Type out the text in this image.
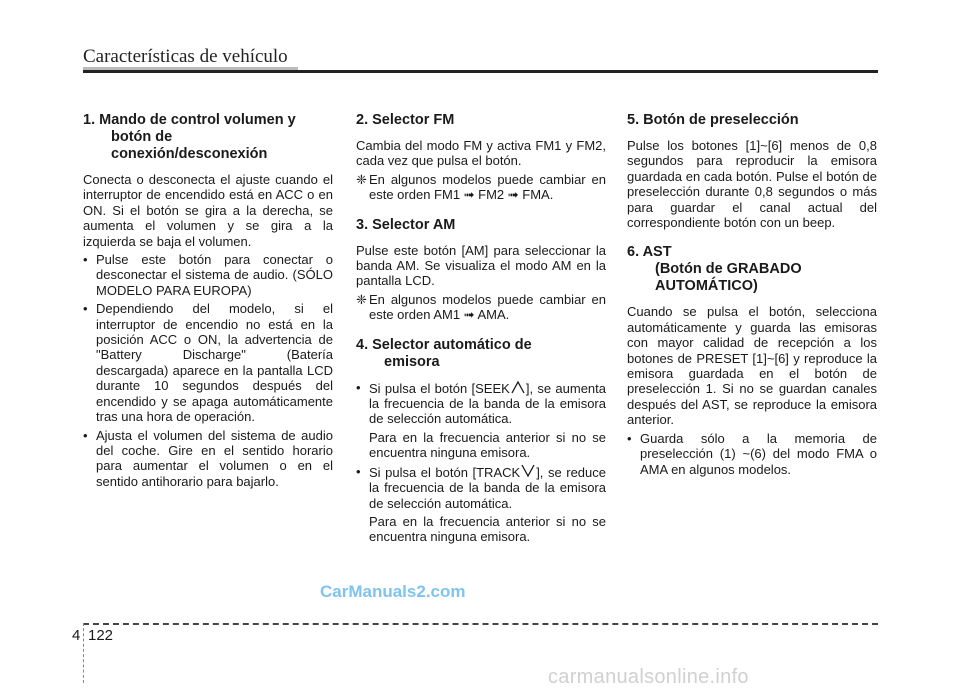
Características de vehículo
1. Mando de control volumen y
botón de
conexión/desconexión

Conecta o desconecta el ajuste cuando el interruptor de encendido está en ACC o en ON. Si el botón se gira a la derecha, se aumenta el volumen y se gira a la izquierda se baja el volumen.

• Pulse este botón para conectar o desconectar el sistema de audio. (SÓLO MODELO PARA EUROPA)
• Dependiendo del modelo, si el interruptor de encendio no está en la posición ACC o ON, la advertencia de "Battery Discharge" (Batería descargada) aparece en la pantalla LCD durante 10 segundos después del encendido y se apaga automáticamente tras una hora de operación.
• Ajusta el volumen del sistema de audio del coche. Gire en el sentido horario para aumentar el volumen o en el sentido antihorario para bajarlo.
2. Selector FM

Cambia del modo FM y activa FM1 y FM2, cada vez que pulsa el botón.

❈ En algunos modelos puede cambiar en este orden FM1 ➟ FM2 ➟ FMA.
3. Selector AM

Pulse este botón [AM] para seleccionar la banda AM. Se visualiza el modo AM en la pantalla LCD.

❈ En algunos modelos puede cambiar en este orden AM1 ➟ AMA.
4. Selector automático de
emisora
• Si pulsa el botón [SEEK ], se aumenta la frecuencia de la banda de la emisora de selección automática.
Para en la frecuencia anterior si no se encuentra ninguna emisora.
• Si pulsa el botón [TRACK ], se reduce la frecuencia de la banda de la emisora de selección automática.
Para en la frecuencia anterior si no se encuentra ninguna emisora.
5. Botón de preselección

Pulse los botones [1]~[6] menos de 0,8 segundos para reproducir la emisora guardada en cada botón. Pulse el botón de preselección durante 0,8 segundos o más para guardar el canal actual del correspondiente botón con un beep.

6. AST
(Botón de GRABADO
AUTOMÁTICO)

Cuando se pulsa el botón, selecciona automáticamente y guarda las emisoras con mayor calidad de recepción a los botones de PRESET [1]~[6] y reproduce la emisora guardada en el botón de preselección 1. Si no se guardan canales después del AST, se reproduce la emisora anterior.

• Guarda sólo a la memoria de preselección (1) ~(6) del modo FMA o AMA en algunos modelos.
CarManuals2.com
4 122
carmanualsonline.info
